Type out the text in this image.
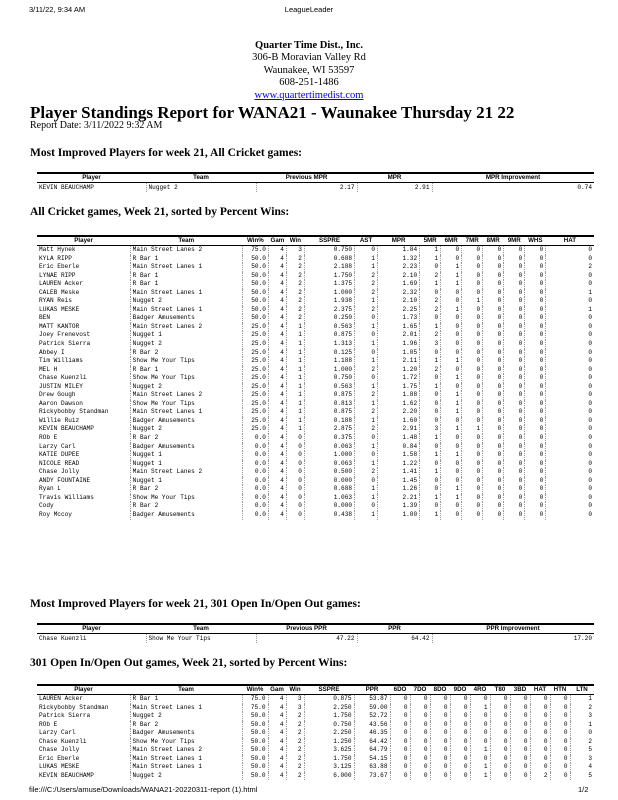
3/11/22, 9:34 AM	LeagueLeader
Quarter Time Dist., Inc.
306-B Moravian Valley Rd
Waunakee, WI 53597
608-251-1486
www.quartertimedist.com
Player Standings Report for WANA21 - Waunakee Thursday 21 22
Report Date: 3/11/2022 9:32 AM
Most Improved Players for week 21, All Cricket games:
Player	Team	Previous MPR	MPR	MPR Improvement
KEVIN BEAUCHAMP	Nugget 2	2.17	2.91	0.74
All Cricket games, Week 21, sorted by Percent Wins:
Player	Team	Win%	Gam	Win	SSPRE	AST	MPR	5MR	6MR	7MR	8MR	9MR	WHS	HAT
Matt Hynek	Main Street Lanes 2	75.0	4	3	0.750	0	1.84	1	0	0	0	0	0	0
KYLA RIPP	R Bar 1	50.0	4	2	0.688	1	1.32	1	0	0	0	0	0	0
Eric Eberle	Main Street Lanes 1	50.0	4	2	2.188	1	2.23	0	1	0	0	0	0	2
LYNAE RIPP	R Bar 1	50.0	4	2	1.750	2	2.10	2	1	0	0	0	0	0
LAUREN Acker	R Bar 1	50.0	4	2	1.375	2	1.69	1	1	0	0	0	0	0
CALEB Meske	Main Street Lanes 1	50.0	4	2	1.000	2	2.32	0	0	0	0	0	0	1
RYAN Reis	Nugget 2	50.0	4	2	1.938	1	2.10	2	0	1	0	0	0	0
LUKAS MESKE	Main Street Lanes 1	50.0	4	2	2.375	2	2.25	2	1	0	0	0	0	1
BEN	Badger Amusements	50.0	4	2	0.250	0	1.73	0	0	0	0	0	0	0
MATT KANTOR	Main Street Lanes 2	25.0	4	1	0.563	1	1.65	1	0	0	0	0	0	0
Joey Frenevost	Nugget 1	25.0	4	1	0.875	0	2.01	2	0	0	0	0	0	0
Patrick Sierra	Nugget 2	25.0	4	1	1.313	1	1.96	3	0	0	0	0	0	0
Abbey I	R Bar 2	25.0	4	1	0.125	0	1.05	0	0	0	0	0	0	0
Tim Williams	Show Me Your Tips	25.0	4	1	1.188	1	2.11	1	1	0	0	0	0	0
MEL H	R Bar 1	25.0	4	1	1.000	2	1.20	2	0	0	0	0	0	0
Chase Kuenzli	Show Me Your Tips	25.0	4	1	0.750	0	1.72	0	1	0	0	0	0	0
JUSTIN MILEY	Nugget 2	25.0	4	1	0.563	1	1.75	1	0	0	0	0	0	0
Drew Gough	Main Street Lanes 2	25.0	4	1	0.875	2	1.88	0	1	0	0	0	0	0
Aaron Dawson	Show Me Your Tips	25.0	4	1	0.813	1	1.62	0	1	0	0	0	0	0
Rickybobby Standman	Main Street Lanes 1	25.0	4	1	0.875	2	2.20	0	1	0	0	0	0	0
Willie Ruiz	Badger Amusements	25.0	4	1	0.188	1	1.60	0	0	0	0	0	0	0
KEVIN BEAUCHAMP	Nugget 2	25.0	4	1	2.875	2	2.91	3	1	1	0	0	0	0
ROb E	R Bar 2	0.0	4	0	0.375	0	1.48	1	0	0	0	0	0	0
Larzy Carl	Badger Amusements	0.0	4	0	0.063	1	0.84	0	0	0	0	0	0	0
KATIE DUPEE	Nugget 1	0.0	4	0	1.000	0	1.58	1	1	0	0	0	0	0
NICOLE READ	Nugget 1	0.0	4	0	0.063	1	1.22	0	0	0	0	0	0	0
Chase Jolly	Main Street Lanes 2	0.0	4	0	0.500	2	1.41	1	0	0	0	0	0	0
ANDY FOUNTAINE	Nugget 1	0.0	4	0	0.000	0	1.45	0	0	0	0	0	0	0
Ryan L	R Bar 2	0.0	4	0	0.688	1	1.26	0	1	0	0	0	0	0
Travis Williams	Show Me Your Tips	0.0	4	0	1.063	1	2.21	1	1	0	0	0	0	0
Cody	R Bar 2	0.0	4	0	0.000	0	1.39	0	0	0	0	0	0	0
Roy Mccoy	Badger Amusements	0.0	4	0	0.438	1	1.00	1	0	0	0	0	0	0
Most Improved Players for week 21, 301 Open In/Open Out games:
Player	Team	Previous PPR	PPR	PPR Improvement
Chase Kuenzli	Show Me Your Tips	47.22	64.42	17.20
301 Open In/Open Out games, Week 21, sorted by Percent Wins:
Player	Team	Win%	Gam	Win	SSPRE	PPR	6DO	7DO	8DO	9DO	4RO	T80	3BD	HAT	HTN	LTN
LAUREN Acker	R Bar 1	75.0	4	3	0.875	53.87	0	0	0	0	0	0	0	0	0	1
Rickybobby Standman	Main Street Lanes 1	75.0	4	3	2.250	59.00	0	0	0	0	1	0	0	0	0	2
Patrick Sierra	Nugget 2	50.0	4	2	1.750	52.72	0	0	0	0	0	0	0	0	0	3
ROb E	R Bar 2	50.0	4	2	0.750	43.56	0	0	0	0	0	0	0	0	0	1
Larzy Carl	Badger Amusements	50.0	4	2	2.250	46.35	0	0	0	0	0	0	0	0	0	0
Chase Kuenzli	Show Me Your Tips	50.0	4	2	1.250	64.42	0	0	0	0	0	0	0	0	0	2
Chase Jolly	Main Street Lanes 2	50.0	4	2	3.625	64.79	0	0	0	0	1	0	0	0	0	5
Eric Eberle	Main Street Lanes 1	50.0	4	2	1.750	54.15	0	0	0	0	0	0	0	0	0	3
LUKAS MESKE	Main Street Lanes 1	50.0	4	2	3.125	63.88	0	0	0	0	1	0	0	0	0	4
KEVIN BEAUCHAMP	Nugget 2	50.0	4	2	6.000	73.67	0	0	0	0	1	0	0	2	0	5
file:///C:/Users/amuse/Downloads/WANA21-20220311-report (1).html	1/2
